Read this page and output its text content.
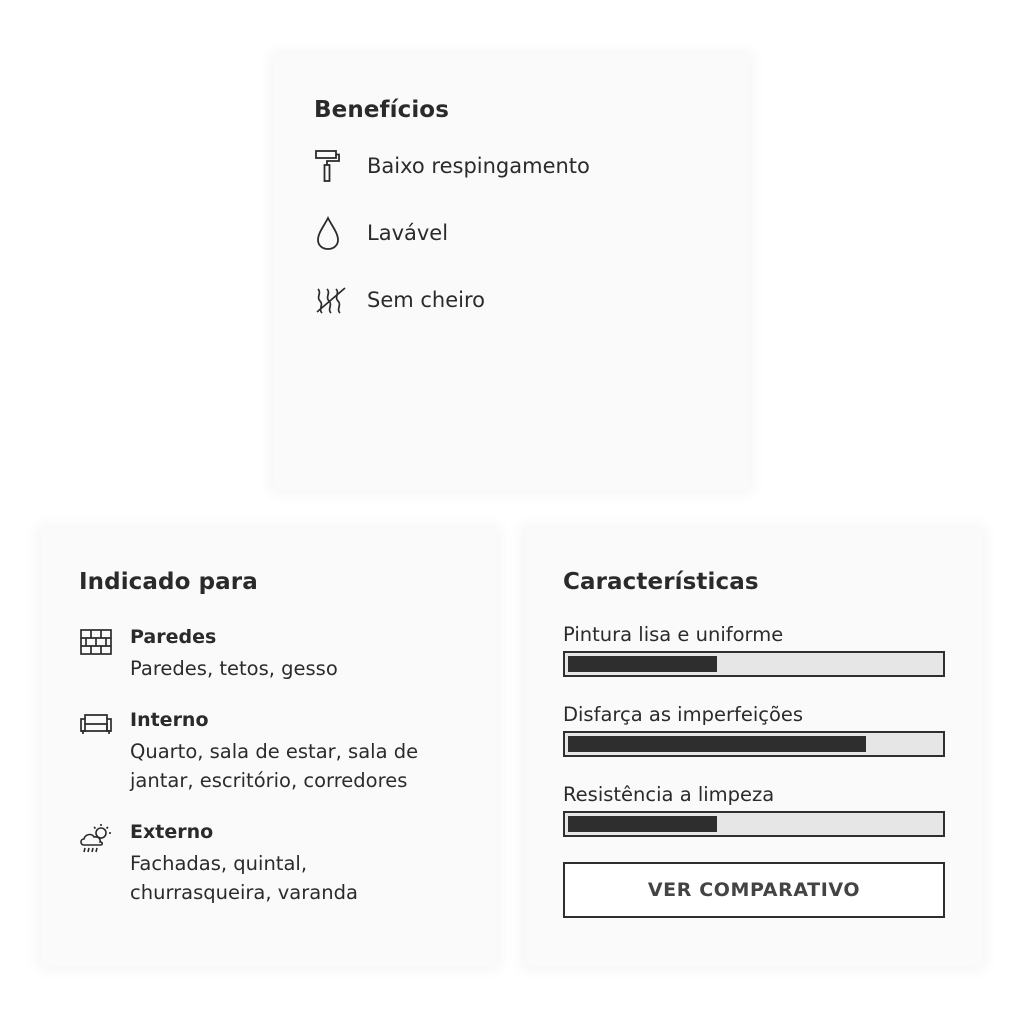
Benefícios
Baixo respingamento
Lavável
Sem cheiro
Indicado para
Paredes
Paredes, tetos, gesso
Interno
Quarto, sala de estar, sala de jantar, escritório, corredores
Externo
Fachadas, quintal, churrasqueira, varanda
Características
Pintura lisa e uniforme
Disfarça as imperfeições
Resistência a limpeza
VER COMPARATIVO
